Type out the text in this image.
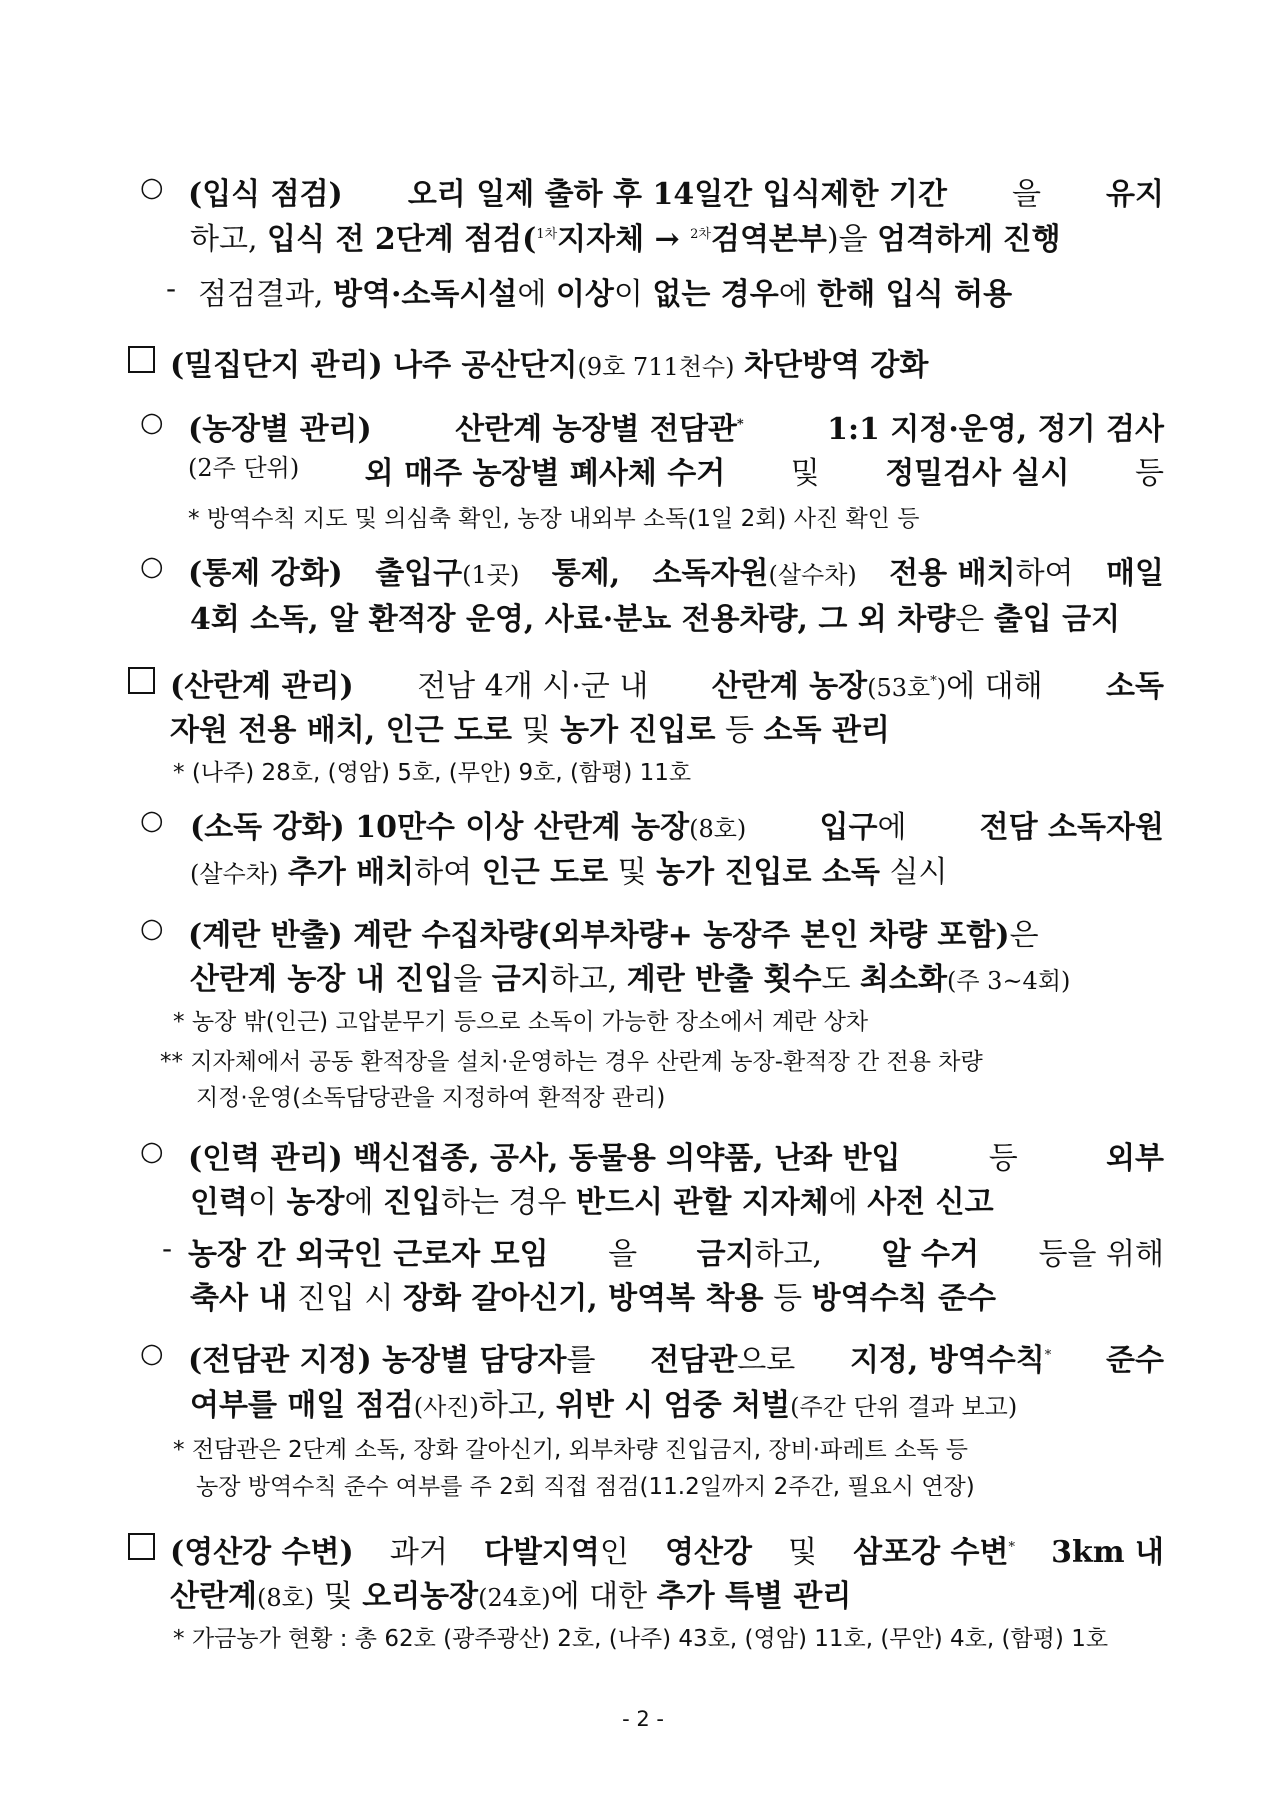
○ (입식 점검) 오리 일제 출하 후 14일간 입식제한 기간 을 유지
하고, 입식 전 2단계 점검($^{1차}$지자체 → $^{2차}$검역본부)을 엄격하게 진행
- 점검결과, 방역·소독시설에 이상이 없는 경우에 한해 입식 허용
(밀집단지 관리) 나주 공산단지(9호 711천수) 차단방역 강화
○ (농장별 관리)	산란계 농장별 전담관*	1:1 지정·운영, 정기 검사
(2주 단위) 외 매주 농장별 폐사체 수거 및 정밀검사 실시 등
* 방역수칙 지도 및 의심축 확인, 농장 내외부 소독(1일 2회) 사진 확인 등
○ (통제 강화) 출입구(1곳) 통제, 소독자원(살수차) 전용 배치하여 매일
4회 소독, 알 환적장 운영, 사료·분뇨 전용차량, 그 외 차량은 출입 금지
(산란계 관리) 전남 4개 시·군 내 산란계 농장(53호*)에 대해 소독
자원 전용 배치, 인근 도로 및 농가 진입로 등 소독 관리
* (나주) 28호, (영암) 5호, (무안) 9호, (함평) 11호
○ (소독 강화) 10만수 이상 산란계 농장(8호) 입구에 전담 소독자원
(살수차) 추가 배치하여 인근 도로 및 농가 진입로 소독 실시
○ (계란 반출) 계란 수집차량(외부차량+ 농장주 본인 차량 포함)은
산란계 농장 내 진입을 금지하고, 계란 반출 횟수도 최소화(주 3~4회)
* 농장 밖(인근) 고압분무기 등으로 소독이 가능한 장소에서 계란 상차
** 지자체에서 공동 환적장을 설치·운영하는 경우 산란계 농장-환적장 간 전용 차량
지정·운영(소독담당관을 지정하여 환적장 관리)
○ (인력 관리) 백신접종, 공사, 동물용 의약품, 난좌 반입	등	외부
인력이 농장에 진입하는 경우 반드시 관할 지자체에 사전 신고
- 농장 간 외국인 근로자 모임 을 금지하고, 알 수거 등을 위해
축사 내 진입 시 장화 갈아신기, 방역복 착용 등 방역수칙 준수
○ (전담관 지정) 농장별 담당자를 전담관으로 지정, 방역수칙* 준수
여부를 매일 점검(사진)하고, 위반 시 엄중 처벌(주간 단위 결과 보고)
* 전담관은 2단계 소독, 장화 갈아신기, 외부차량 진입금지, 장비·파레트 소독 등
농장 방역수칙 준수 여부를 주 2회 직접 점검(11.2일까지 2주간, 필요시 연장)
(영산강 수변) 과거 다발지역인 영산강 및 삼포강 수변* 3km 내
산란계(8호) 및 오리농장(24호)에 대한 추가 특별 관리
* 가금농가 현황 : 총 62호 (광주광산) 2호, (나주) 43호, (영암) 11호, (무안) 4호, (함평) 1호
- 2 -
